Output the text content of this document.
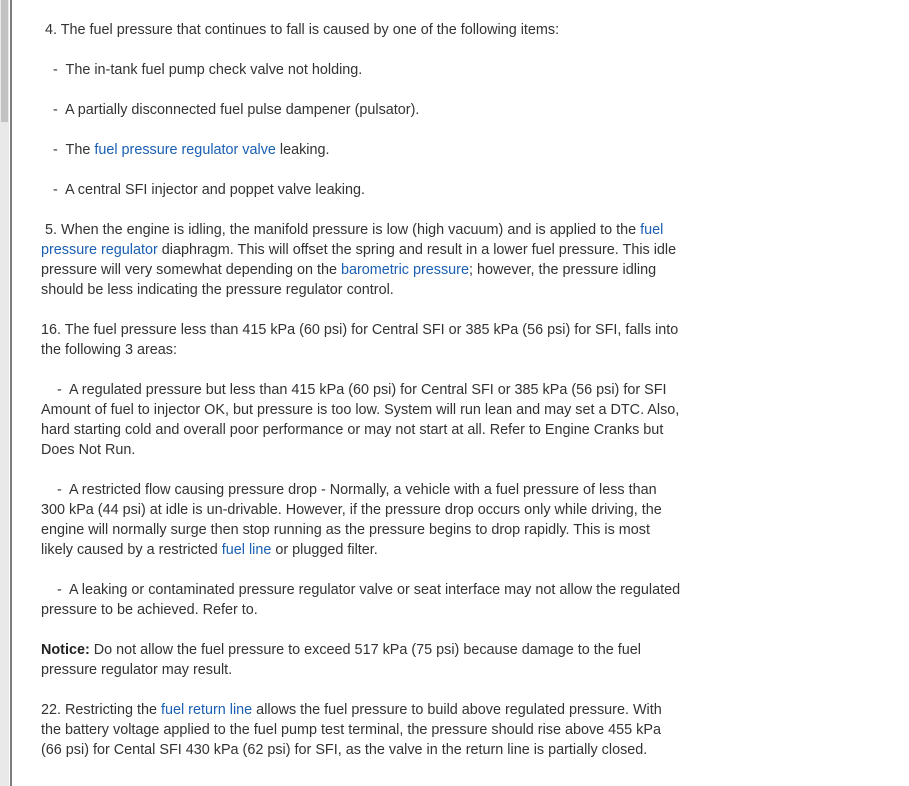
4. The fuel pressure that continues to fall is caused by one of the following items:

-  The in-tank fuel pump check valve not holding.

-  A partially disconnected fuel pulse dampener (pulsator).

-  The fuel pressure regulator valve leaking.

-  A central SFI injector and poppet valve leaking.

5. When the engine is idling, the manifold pressure is low (high vacuum) and is applied to the fuel pressure regulator diaphragm. This will offset the spring and result in a lower fuel pressure. This idle pressure will very somewhat depending on the barometric pressure; however, the pressure idling should be less indicating the pressure regulator control.

16. The fuel pressure less than 415 kPa (60 psi) for Central SFI or 385 kPa (56 psi) for SFI, falls into the following 3 areas:

-  A regulated pressure but less than 415 kPa (60 psi) for Central SFI or 385 kPa (56 psi) for SFI Amount of fuel to injector OK, but pressure is too low. System will run lean and may set a DTC. Also, hard starting cold and overall poor performance or may not start at all. Refer to Engine Cranks but Does Not Run.

-  A restricted flow causing pressure drop - Normally, a vehicle with a fuel pressure of less than 300 kPa (44 psi) at idle is un-drivable. However, if the pressure drop occurs only while driving, the engine will normally surge then stop running as the pressure begins to drop rapidly. This is most likely caused by a restricted fuel line or plugged filter.

-  A leaking or contaminated pressure regulator valve or seat interface may not allow the regulated pressure to be achieved. Refer to.

Notice: Do not allow the fuel pressure to exceed 517 kPa (75 psi) because damage to the fuel pressure regulator may result.

22. Restricting the fuel return line allows the fuel pressure to build above regulated pressure. With the battery voltage applied to the fuel pump test terminal, the pressure should rise above 455 kPa (66 psi) for Cental SFI 430 kPa (62 psi) for SFI, as the valve in the return line is partially closed.
